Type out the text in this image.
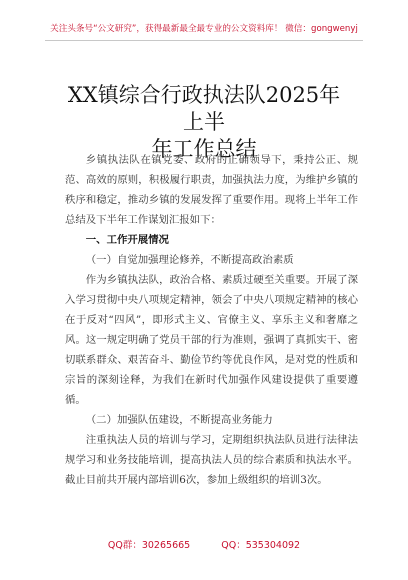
关注头条号“公文研究”，获得最新最全最专业的公文资料库！ 微信：gongwenyj
XX镇综合行政执法队2025年上半
年工作总结

乡镇执法队在镇党委、政府的正确领导下，秉持公正、规范、高效的原则，积极履行职责，加强执法力度，为维护乡镇的秩序和稳定，推动乡镇的发展发挥了重要作用。现将上半年工作总结及下半年工作谋划汇报如下：

一、工作开展情况

（一）自觉加强理论修养，不断提高政治素质

作为乡镇执法队，政治合格、素质过硬至关重要。开展了深入学习贯彻中央八项规定精神，领会了中央八项规定精神的核心在于反对“四风”，即形式主义、官僚主义、享乐主义和奢靡之风。这一规定明确了党员干部的行为准则，强调了真抓实干、密切联系群众、艰苦奋斗、勤俭节约等优良作风，是对党的性质和宗旨的深刻诠释，为我们在新时代加强作风建设提供了重要遵循。

（二）加强队伍建设，不断提高业务能力

注重执法人员的培训与学习，定期组织执法队员进行法律法规学习和业务技能培训，提高执法人员的综合素质和执法水平。截止目前共开展内部培训6次，参加上级组织的培训3次。

QQ群：30265665	QQ：535304092
